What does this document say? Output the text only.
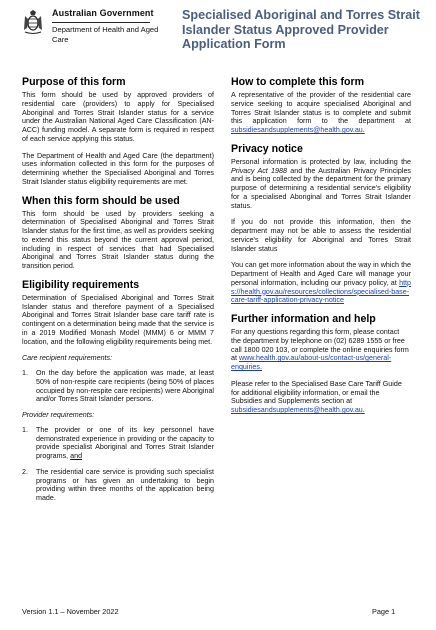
Australian Government
Department of Health and Aged Care
Specialised Aboriginal and Torres Strait Islander Status Approved Provider Application Form
Purpose of this form

This form should be used by approved providers of residential care (providers) to apply for Specialised Aboriginal and Torres Strait Islander status for a service under the Australian National Aged Care Classification (AN-ACC) funding model. A separate form is required in respect of each service applying this status.

The Department of Health and Aged Care (the department) uses information collected in this form for the purposes of determining whether the Specialised Aboriginal and Torres Strait Islander status eligibility requirements are met.

When this form should be used

This form should be used by providers seeking a determination of Specialised Aboriginal and Torres Strait Islander status for the first time, as well as providers seeking to extend this status beyond the current approval period, including in respect of services that had Specialised Aboriginal and Torres Strait Islander status during the transition period.

Eligibility requirements

Determination of Specialised Aboriginal and Torres Strait Islander status and therefore payment of a Specialised Aboriginal and Torres Strait Islander base care tariff rate is contingent on a determination being made that the service is in a 2019 Modified Monash Model (MMM) 6 or MMM 7 location, and the following eligibility requirements being met.

Care recipient requirements:
1. On the day before the application was made, at least 50% of non-respite care recipients (being 50% of places occupied by non-respite care recipients) were Aboriginal and/or Torres Strait Islander persons.
Provider requirements:
1. The provider or one of its key personnel have demonstrated experience in providing or the capacity to provide specialist Aboriginal and Torres Strait Islander programs, and
2. The residential care service is providing such specialist programs or has given an undertaking to begin providing within three months of the application being made.
How to complete this form

A representative of the provider of the residential care service seeking to acquire specialised Aboriginal and Torres Strait Islander status is to complete and submit this application form to the department at subsidiesandsupplements@health.gov.au.

Privacy notice

Personal information is protected by law, including the Privacy Act 1988 and the Australian Privacy Principles and is being collected by the department for the primary purpose of determining a residential service's eligibility for a specialised Aboriginal and Torres Strait Islander status.

If you do not provide this information, then the department may not be able to assess the residential service's eligibility for Aboriginal and Torres Strait Islander status

You can get more information about the way in which the Department of Health and Aged Care will manage your personal information, including our privacy policy, at https://health.gov.au/resources/collections/specialised-base-care-tariff-application-privacy-notice

Further information and help

For any questions regarding this form, please contact the department by telephone on (02) 6289 1555 or free call 1800 020 103, or complete the online enquiries form at www.health.gov.au/about-us/contact-us/general-enquiries.

Please refer to the Specialised Base Care Tariff Guide for additional eligibility information, or email the Subsidies and Supplements section at subsidiesandsupplements@health.gov.au.

Version 1.1 – November 2022	Page 1
